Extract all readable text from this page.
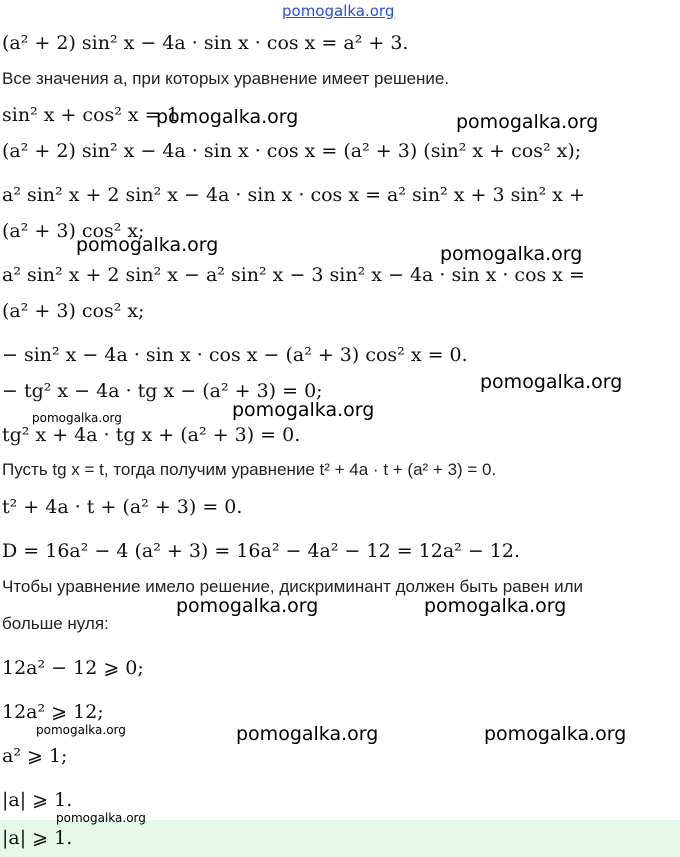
pomogalka.org
(a² + 2) sin² x − 4a · sin x · cos x = a² + 3.
Все значения a, при которых уравнение имеет решение.
sin² x + cos² x = 1.
(a² + 2) sin² x − 4a · sin x · cos x = (a² + 3) (sin² x + cos² x);
a² sin² x + 2 sin² x − 4a · sin x · cos x = a² sin² x + 3 sin² x +
(a² + 3) cos² x;
a² sin² x + 2 sin² x − a² sin² x − 3 sin² x − 4a · sin x · cos x =
(a² + 3) cos² x;
− sin² x − 4a · sin x · cos x − (a² + 3) cos² x = 0.
− tg² x − 4a · tg x − (a² + 3) = 0;
tg² x + 4a · tg x + (a² + 3) = 0.
Пусть tg x = t, тогда получим уравнение t² + 4a · t + (a² + 3) = 0.
t² + 4a · t + (a² + 3) = 0.
D = 16a² − 4 (a² + 3) = 16a² − 4a² − 12 = 12a² − 12.
Чтобы уравнение имело решение, дискриминант должен быть равен или
больше нуля:
12a² − 12 ⩾ 0;
12a² ⩾ 12;
a² ⩾ 1;
|a| ⩾ 1.
|a| ⩾ 1.
pomogalka.org	pomogalka.org
pomogalka.org	pomogalka.org
pomogalka.org
pomogalka.org	pomogalka.org
pomogalka.org	pomogalka.org
pomogalka.org	pomogalka.org	pomogalka.org
pomogalka.org
